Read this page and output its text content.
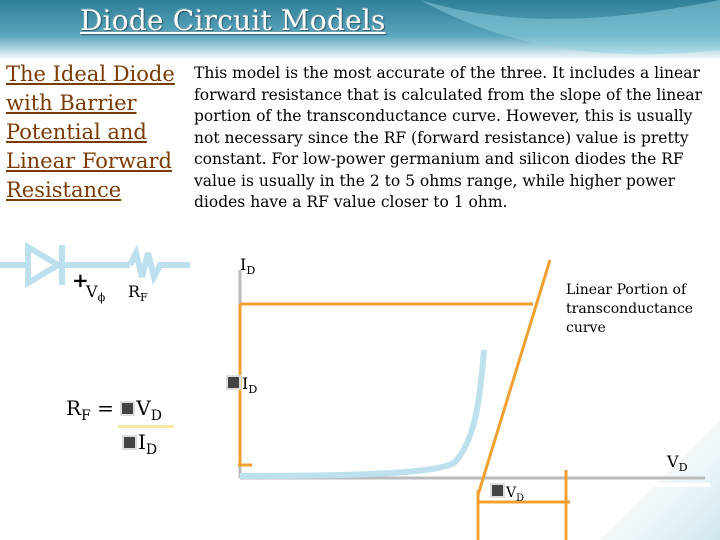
Diode Circuit Models
The Ideal Diode with Barrier Potential and Linear Forward Resistance
This model is the most accurate of the three. It includes a linear forward resistance that is calculated from the slope of the linear portion of the transconductance curve. However, this is usually not necessary since the RF (forward resistance) value is pretty constant. For low-power germanium and silicon diodes the RF value is usually in the 2 to 5 ohms range, while higher power diodes have a RF value closer to 1 ohm.
+
$V_\phi$ $R_F$
$R_F = V_D$
$I_D$
$I_D$
$V_D$
$I_D$
$V_D$
Linear Portion of transconductance curve
